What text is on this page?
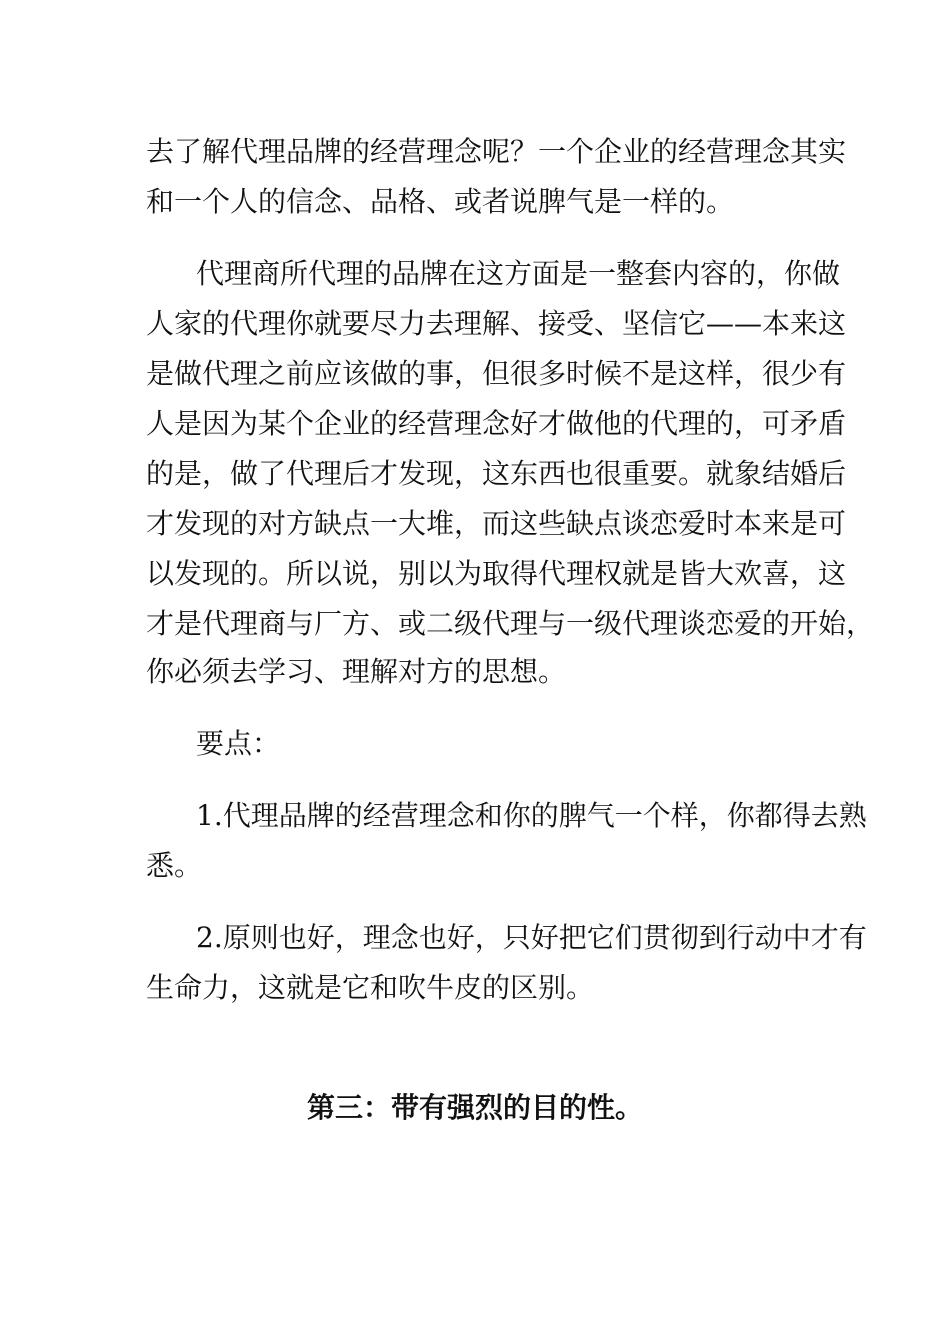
去了解代理品牌的经营理念呢？一个企业的经营理念其实
和一个人的信念、品格、或者说脾气是一样的。
代理商所代理的品牌在这方面是一整套内容的，你做
人家的代理你就要尽力去理解、接受、坚信它——本来这
是做代理之前应该做的事，但很多时候不是这样，很少有
人是因为某个企业的经营理念好才做他的代理的，可矛盾
的是，做了代理后才发现，这东西也很重要。就象结婚后
才发现的对方缺点一大堆，而这些缺点谈恋爱时本来是可
以发现的。所以说，别以为取得代理权就是皆大欢喜，这
才是代理商与厂方、或二级代理与一级代理谈恋爱的开始，
你必须去学习、理解对方的思想。
要点：
1.代理品牌的经营理念和你的脾气一个样，你都得去熟
悉。
2.原则也好，理念也好，只好把它们贯彻到行动中才有
生命力，这就是它和吹牛皮的区别。
第三：带有强烈的目的性。
